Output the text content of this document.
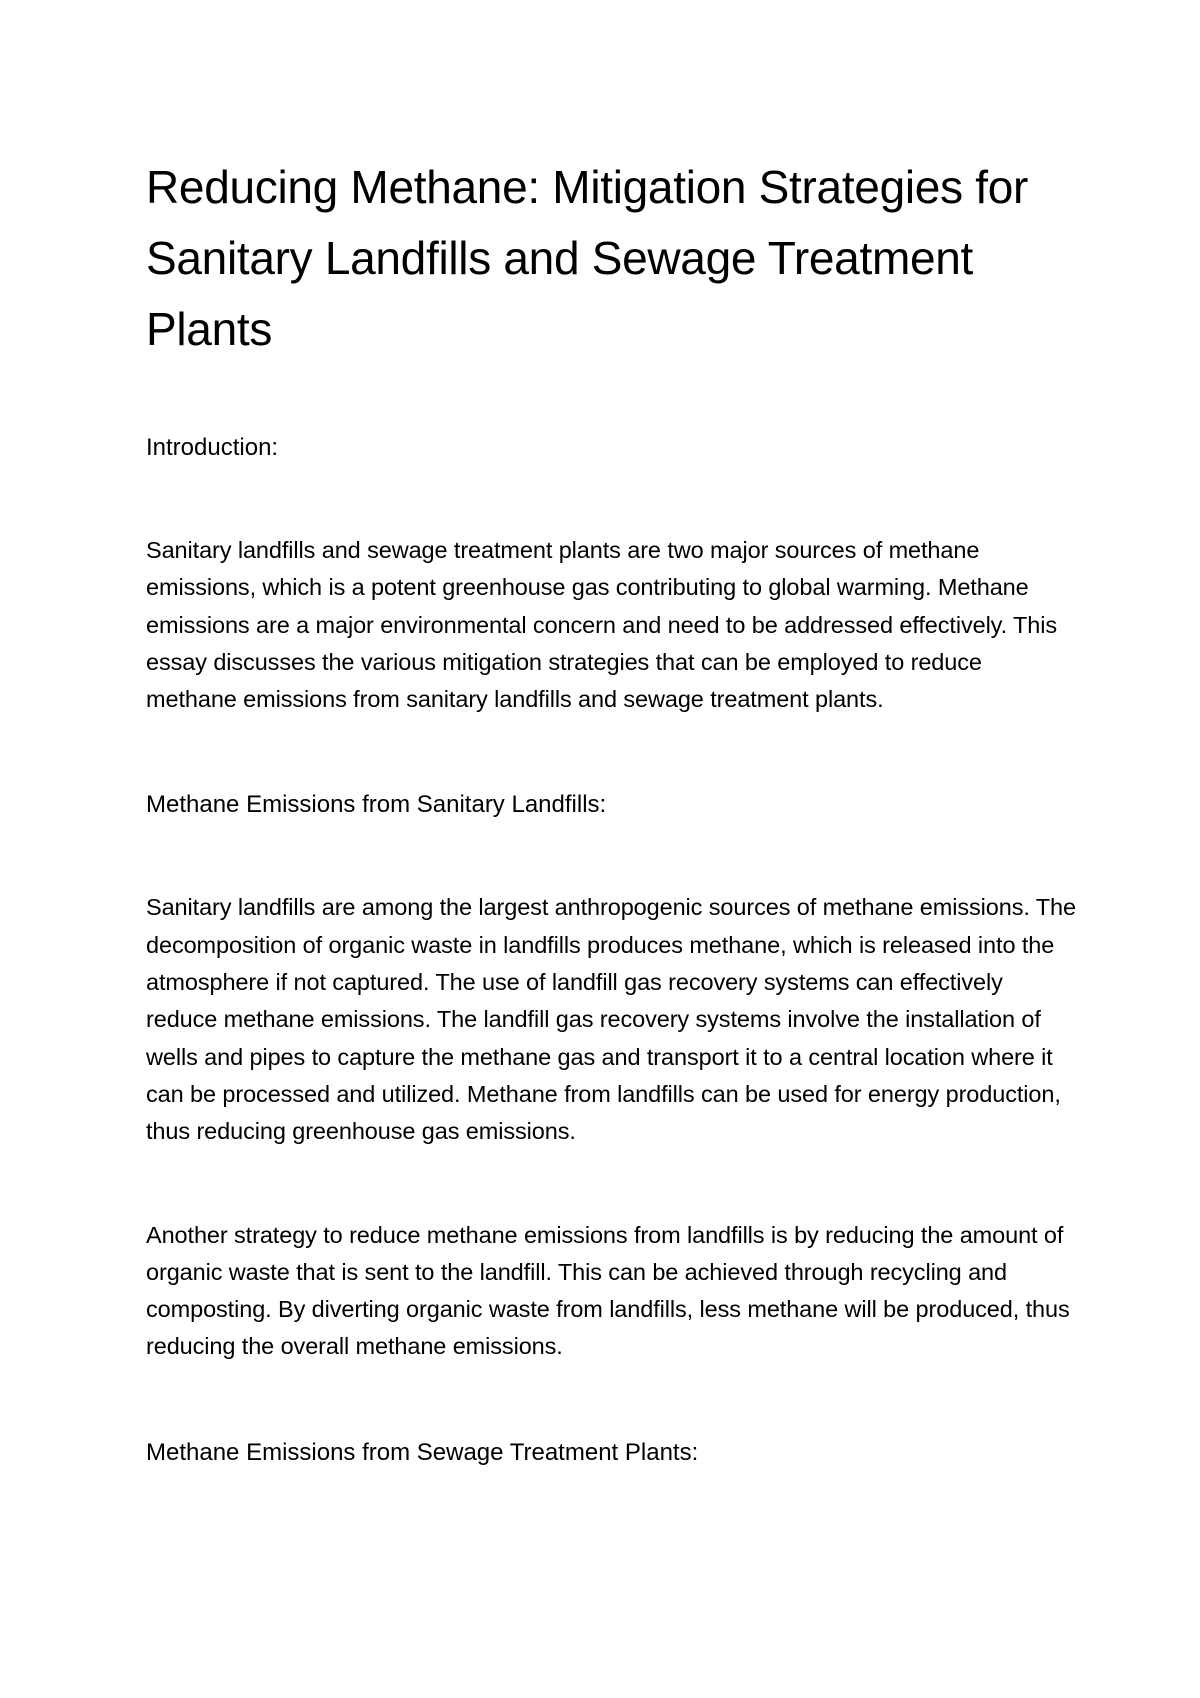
Reducing Methane: Mitigation Strategies for Sanitary Landfills and Sewage Treatment Plants

Introduction:

Sanitary landfills and sewage treatment plants are two major sources of methane emissions, which is a potent greenhouse gas contributing to global warming. Methane emissions are a major environmental concern and need to be addressed effectively. This essay discusses the various mitigation strategies that can be employed to reduce methane emissions from sanitary landfills and sewage treatment plants.

Methane Emissions from Sanitary Landfills:

Sanitary landfills are among the largest anthropogenic sources of methane emissions. The decomposition of organic waste in landfills produces methane, which is released into the atmosphere if not captured. The use of landfill gas recovery systems can effectively reduce methane emissions. The landfill gas recovery systems involve the installation of wells and pipes to capture the methane gas and transport it to a central location where it can be processed and utilized. Methane from landfills can be used for energy production, thus reducing greenhouse gas emissions.

Another strategy to reduce methane emissions from landfills is by reducing the amount of organic waste that is sent to the landfill. This can be achieved through recycling and composting. By diverting organic waste from landfills, less methane will be produced, thus reducing the overall methane emissions.

Methane Emissions from Sewage Treatment Plants:
